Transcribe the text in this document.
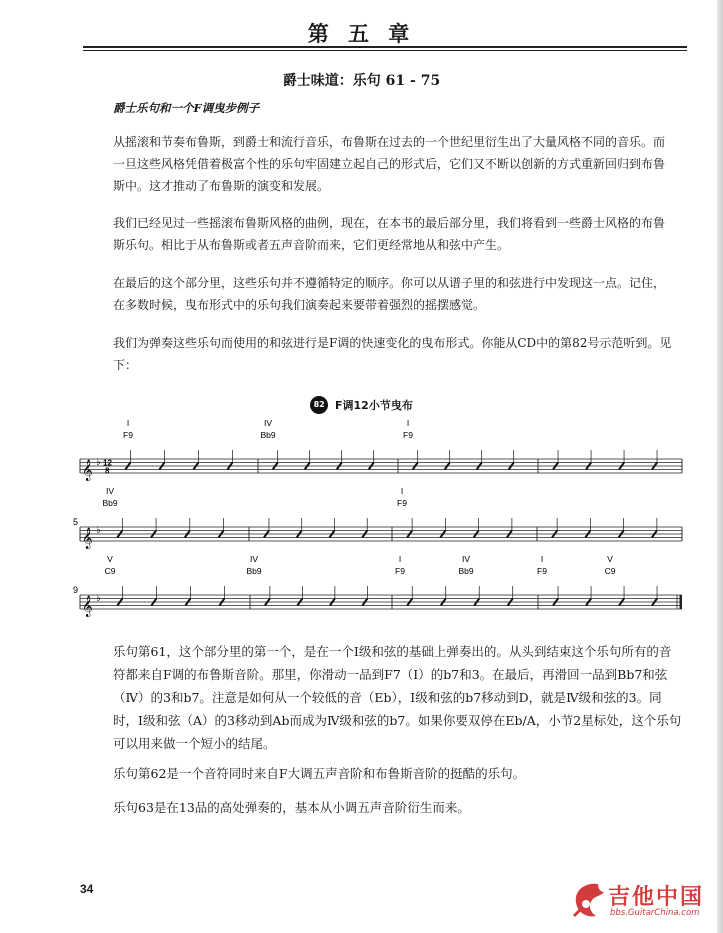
第 五 章
爵士味道：乐句 61 - 75
爵士乐句和一个F调曳步例子

从摇滚和节奏布鲁斯，到爵士和流行音乐，布鲁斯在过去的一个世纪里衍生出了大量风格不同的音乐。而一旦这些风格凭借着极富个性的乐句牢固建立起自己的形式后，它们又不断以创新的方式重新回归到布鲁斯中。这才推动了布鲁斯的演变和发展。

我们已经见过一些摇滚布鲁斯风格的曲例，现在，在本书的最后部分里，我们将看到一些爵士风格的布鲁斯乐句。相比于从布鲁斯或者五声音阶而来，它们更经常地从和弦中产生。

在最后的这个部分里，这些乐句并不遵循特定的顺序。你可以从谱子里的和弦进行中发现这一点。记住，在多数时候，曳布形式中的乐句我们演奏起来要带着强烈的摇摆感觉。

我们为弹奏这些乐句而使用的和弦进行是F调的快速变化的曳布形式。你能从CD中的第82号示范听到。见下：

82 F调12小节曳布
𝄞 ♭ 12
8
I
F9
IV
Bb9
I
F9
𝄞 ♭
5
IV
Bb9
I
F9
𝄞 ♭
9
V
C9
IV
Bb9
I
F9
IV
Bb9
I
F9
V
C9

乐句第61，这个部分里的第一个，是在一个Ⅰ级和弦的基础上弹奏出的。从头到结束这个乐句所有的音符都来自F调的布鲁斯音阶。那里，你滑动一品到F7（Ⅰ）的b7和3。在最后，再滑回一品到Bb7和弦（Ⅳ）的3和b7。注意是如何从一个较低的音（Eb），Ⅰ级和弦的b7移动到D，就是Ⅳ级和弦的3。同时，Ⅰ级和弦（A）的3移动到Ab而成为Ⅳ级和弦的b7。如果你要双停在Eb/A，小节2星标处，这个乐句可以用来做一个短小的结尾。

乐句第62是一个音符同时来自F大调五声音阶和布鲁斯音阶的挺酷的乐句。

乐句63是在13品的高处弹奏的，基本从小调五声音阶衍生而来。

34	吉他中国
bbs.GuitarChina.com
